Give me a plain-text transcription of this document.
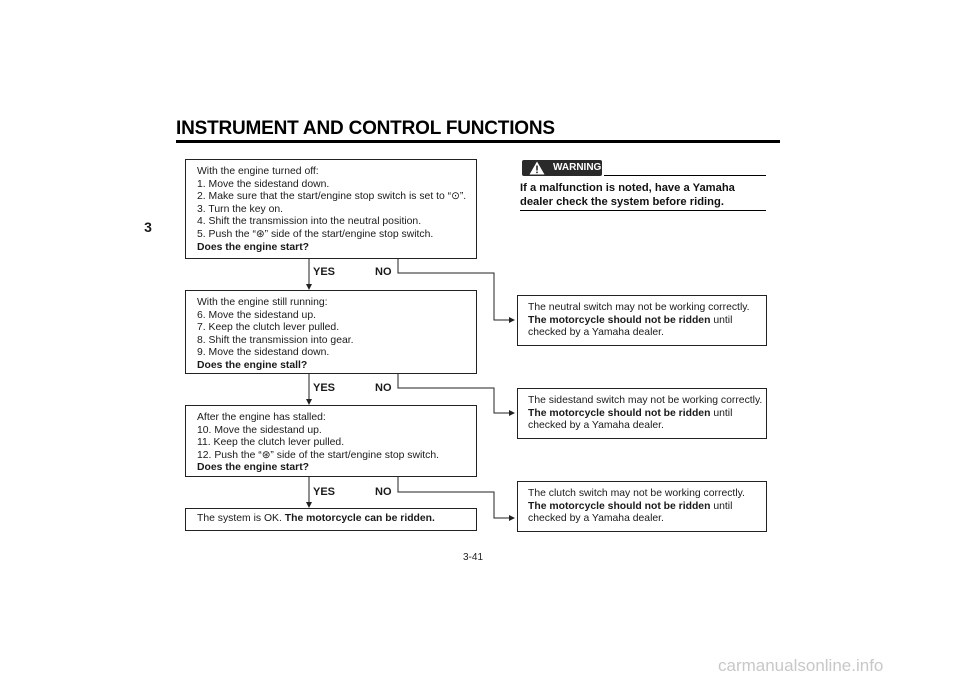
INSTRUMENT AND CONTROL FUNCTIONS
3
With the engine turned off:
1. Move the sidestand down.
2. Make sure that the start/engine stop switch is set to “⊙”.
3. Turn the key on.
4. Shift the transmission into the neutral position.
5. Push the “⊛” side of the start/engine stop switch.
Does the engine start?
YES	NO
With the engine still running:
6. Move the sidestand up.
7. Keep the clutch lever pulled.
8. Shift the transmission into gear.
9. Move the sidestand down.
Does the engine stall?
YES	NO
After the engine has stalled:
10. Move the sidestand up.
11. Keep the clutch lever pulled.
12. Push the “⊛” side of the start/engine stop switch.
Does the engine start?
YES	NO
The system is OK. The motorcycle can be ridden.
The neutral switch may not be working correctly.
The motorcycle should not be ridden until
checked by a Yamaha dealer.
The sidestand switch may not be working correctly.
The motorcycle should not be ridden until
checked by a Yamaha dealer.
The clutch switch may not be working correctly.
The motorcycle should not be ridden until
checked by a Yamaha dealer.
WARNING
If a malfunction is noted, have a Yamaha dealer check the system before riding.
3-41
carmanualsonline.info
